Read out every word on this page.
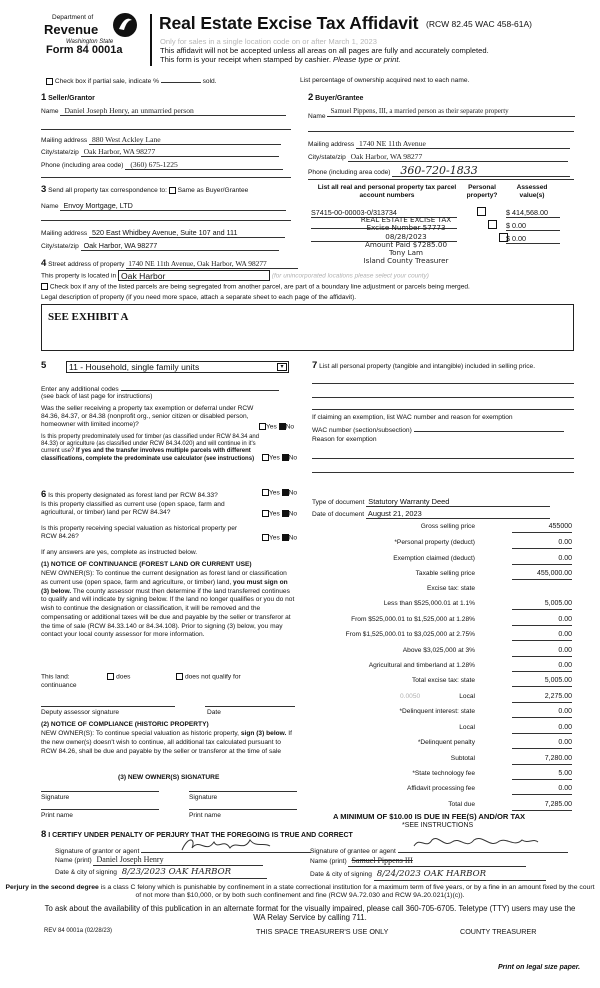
Department of
Revenue
Washington State
Form 84 0001a
Real Estate Excise Tax Affidavit (RCW 82.45 WAC 458-61A)
Only for sales in a single location code on or after March 1, 2023
This affidavit will not be accepted unless all areas on all pages are fully and accurately completed.
This form is your receipt when stamped by cashier. Please type or print.
Check box if partial sale, indicate %	sold.	List percentage of ownership acquired next to each name.
1 Seller/Grantor
Name Daniel Joseph Henry, an unmarried person
Mailing address 880 West Ackley Lane
City/state/zip Oak Harbor, WA 98277
Phone (including area code) (360) 675-1225
2 Buyer/Grantee
Name Samuel Pippens, III, a married person as their separate property
Mailing address 1740 NE 11th Avenue
City/state/zip Oak Harbor, WA 98277
Phone (including area code) 360-720-1833
3 Send all property tax correspondence to: Same as Buyer/Grantee
Name Envoy Mortgage, LTD
Mailing address 520 East Whidbey Avenue, Suite 107 and 111
City/state/zip Oak Harbor, WA 98277
List all real and personal property tax parcel account numbers
Personal property?
Assessed value(s)
S7415-00-00003-0/313734
	$ 414,568.00
$ 0.00
$ 0.00
REAL ESTATE EXCISE TAX
Excise Number 57773
08/28/2023
Amount Paid $7285.00
Tony Lam
Island County Treasurer
4 Street address of property 1740 NE 11th Avenue, Oak Harbor, WA 98277
This property is located in Oak Harbor	(for unincorporated locations please select your county)
Check box if any of the listed parcels are being segregated from another parcel, are part of a boundary line adjustment or parcels being merged.
Legal description of property (if you need more space, attach a separate sheet to each page of the affidavit).
SEE EXHIBIT A
5	11 - Household, single family units	▾
Enter any additional codes
(see back of last page for instructions)
Was the seller receiving a property tax exemption or deferral under RCW 84.36, 84.37, or 84.38 (nonprofit org., senior citizen or disabled person, homeowner with limited income)?	Yes No
Is this property predominately used for timber (as classified under RCW 84.34 and 84.33) or agriculture (as classified under RCW 84.34.020) and will continue in it's current use? If yes and the transfer involves multiple parcels with different classifications, complete the predominate use calculator (see instructions)	Yes No
6 Is this property designated as forest land per RCW 84.33?	Yes No
Is this property classified as current use (open space, farm and agricultural, or timber) land per RCW 84.34?	Yes No
Is this property receiving special valuation as historical property per RCW 84.26?	Yes No
If any answers are yes, complete as instructed below.
(1) NOTICE OF CONTINUANCE (FOREST LAND OR CURRENT USE)
NEW OWNER(S): To continue the current designation as forest land or classification as current use (open space, farm and agriculture, or timber) land, you must sign on (3) below. The county assessor must then determine if the land transferred continues to qualify and will indicate by signing below. If the land no longer qualifies or you do not wish to continue the designation or classification, it will be removed and the compensating or additional taxes will be due and payable by the seller or transferor at the time of sale (RCW 84.33.140 or 84.34.108). Prior to signing (3) below, you may contact your local county assessor for more information.
This land:	does	does not qualify for
continuance
Deputy assessor signature	Date
(2) NOTICE OF COMPLIANCE (HISTORIC PROPERTY)
NEW OWNER(S): To continue special valuation as historic property, sign (3) below. If the new owner(s) doesn't wish to continue, all additional tax calculated pursuant to RCW 84.26, shall be due and payable by the seller or transferor at the time of sale
(3) NEW OWNER(S) SIGNATURE
Signature	Signature
Print name	Print name
7 List all personal property (tangible and intangible) included in selling price.
If claiming an exemption, list WAC number and reason for exemption
WAC number (section/subsection)
Reason for exemption
Type of document Statutory Warranty Deed
Date of document August 21, 2023
Gross selling price	455000
*Personal property (deduct)	0.00
Exemption claimed (deduct)	0.00
Taxable selling price	455,000.00
Excise tax: state
Less than $525,000.01 at 1.1%	5,005.00
From $525,000.01 to $1,525,000 at 1.28%	0.00
From $1,525,000.01 to $3,025,000 at 2.75%	0.00
Above $3,025,000 at 3%	0.00
Agricultural and timberland at 1.28%	0.00
Total excise tax: state	5,005.00
0.0050	Local	2,275.00
*Delinquent interest: state	0.00
Local	0.00
*Delinquent penalty	0.00
Subtotal	7,280.00
*State technology fee	5.00
Affidavit processing fee	0.00
Total due	7,285.00
A MINIMUM OF $10.00 IS DUE IN FEE(S) AND/OR TAX
*SEE INSTRUCTIONS
8 I CERTIFY UNDER PENALTY OF PERJURY THAT THE FOREGOING IS TRUE AND CORRECT
Signature of grantor or agent
Name (print) Daniel Joseph Henry
Date & city of signing 8/23/2023 OAK HARBOR
Signature of grantee or agent
Name (print) Samuel Pippens III
Date & city of signing 8/24/2023 OAK HARBOR
Perjury in the second degree is a class C felony which is punishable by confinement in a state correctional institution for a maximum term of five years, or by a fine in an amount fixed by the court of not more than $10,000, or by both such confinement and fine (RCW 9A.72.030 and RCW 9A.20.021(1)(c)).
To ask about the availability of this publication in an alternate format for the visually impaired, please call 360-705-6705. Teletype (TTY) users may use the WA Relay Service by calling 711.
REV 84 0001a (02/28/23)	THIS SPACE TREASURER'S USE ONLY	COUNTY TREASURER
Print on legal size paper.
